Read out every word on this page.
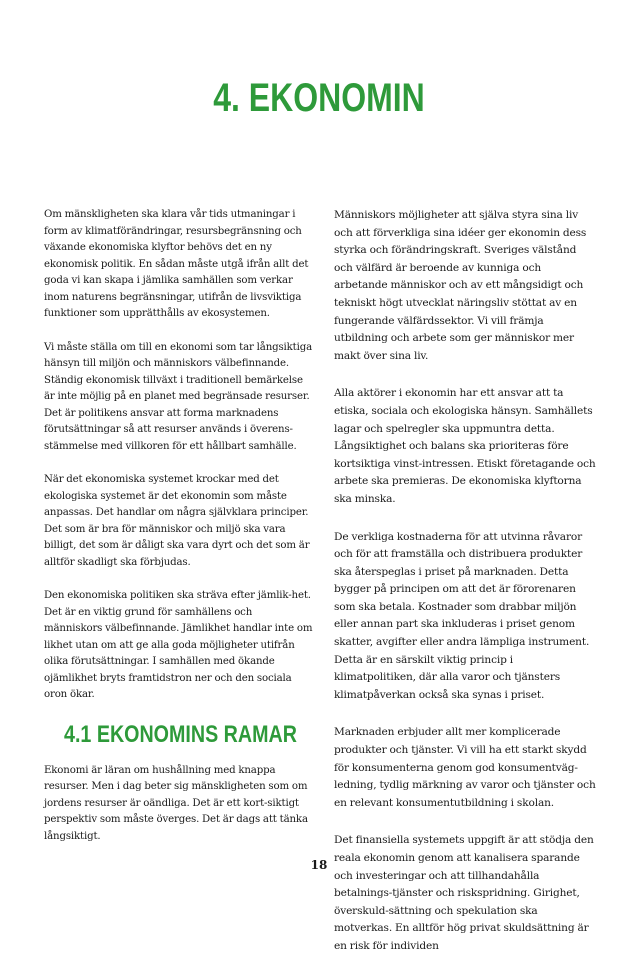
4. EKONOMIN

Om mänskligheten ska klara vår tids utmaningar i form av klimatförändringar, resursbegränsning och växande ekonomiska klyftor behövs det en ny ekonomisk politik. En sådan måste utgå ifrån allt det goda vi kan skapa i jämlika samhällen som verkar inom naturens begränsningar, utifrån de livsviktiga funktioner som upprätthålls av ekosystemen.

Vi måste ställa om till en ekonomi som tar långsiktiga hänsyn till miljön och människors välbefinnande. Ständig ekonomisk tillväxt i traditionell bemärkelse är inte möjlig på en planet med begränsade resurser. Det är politikens ansvar att forma marknadens förutsättningar så att resurser används i överens-stämmelse med villkoren för ett hållbart samhälle.

När det ekonomiska systemet krockar med det ekologiska systemet är det ekonomin som måste anpassas. Det handlar om några självklara principer. Det som är bra för människor och miljö ska vara billigt, det som är dåligt ska vara dyrt och det som är alltför skadligt ska förbjudas.

Den ekonomiska politiken ska sträva efter jämlik-het. Det är en viktig grund för samhällens och människors välbefinnande. Jämlikhet handlar inte om likhet utan om att ge alla goda möjligheter utifrån olika förutsättningar. I samhällen med ökande ojämlikhet bryts framtidstron ner och den sociala oron ökar.

4.1 EKONOMINS RAMAR

Ekonomi är läran om hushållning med knappa resurser. Men i dag beter sig mänskligheten som om jordens resurser är oändliga. Det är ett kort-siktigt perspektiv som måste överges. Det är dags att tänka långsiktigt.

Människors möjligheter att själva styra sina liv och att förverkliga sina idéer ger ekonomin dess styrka och förändringskraft. Sveriges välstånd och välfärd är beroende av kunniga och arbetande människor och av ett mångsidigt och tekniskt högt utvecklat näringsliv stöttat av en fungerande välfärdssektor. Vi vill främja utbildning och arbete som ger människor mer makt över sina liv.

Alla aktörer i ekonomin har ett ansvar att ta etiska, sociala och ekologiska hänsyn. Samhällets lagar och spelregler ska uppmuntra detta. Långsiktighet och balans ska prioriteras före kortsiktiga vinst-intressen. Etiskt företagande och arbete ska premieras. De ekonomiska klyftorna ska minska.

De verkliga kostnaderna för att utvinna råvaror och för att framställa och distribuera produkter ska återspeglas i priset på marknaden. Detta bygger på principen om att det är förorenaren som ska betala. Kostnader som drabbar miljön eller annan part ska inkluderas i priset genom skatter, avgifter eller andra lämpliga instrument. Detta är en särskilt viktig princip i klimatpolitiken, där alla varor och tjänsters klimatpåverkan också ska synas i priset.

Marknaden erbjuder allt mer komplicerade produkter och tjänster. Vi vill ha ett starkt skydd för konsumenterna genom god konsumentväg-ledning, tydlig märkning av varor och tjänster och en relevant konsumentutbildning i skolan.

Det finansiella systemets uppgift är att stödja den reala ekonomin genom att kanalisera sparande och investeringar och att tillhandahålla betalnings-tjänster och riskspridning. Girighet, överskuld-sättning och spekulation ska motverkas. En alltför hög privat skuldsättning är en risk för individen

18
